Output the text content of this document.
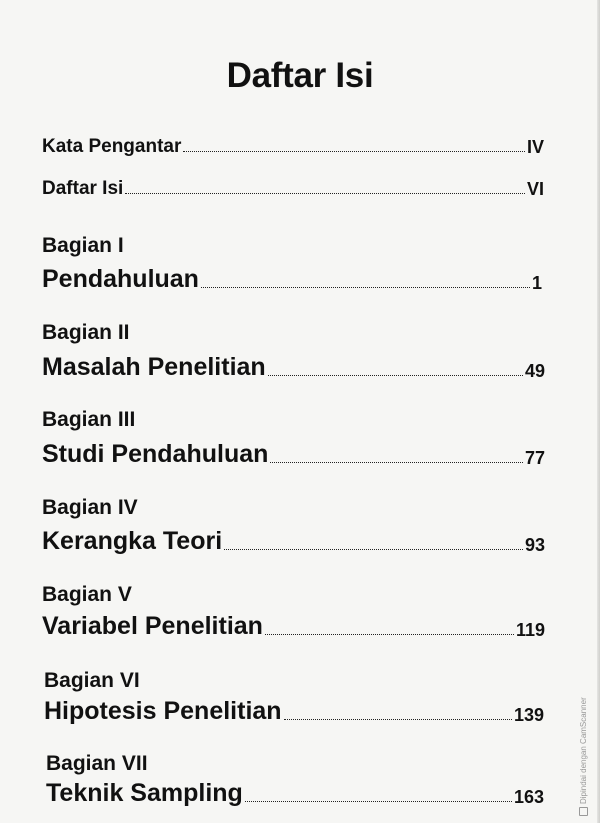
Daftar Isi
Kata Pengantar	IV
Daftar Isi	VI
Bagian I
Pendahuluan	1
Bagian II
Masalah Penelitian	49
Bagian III
Studi Pendahuluan	77
Bagian IV
Kerangka Teori	93
Bagian V
Variabel Penelitian	119
Bagian VI
Hipotesis Penelitian	139
Bagian VII
Teknik Sampling	163	Dipindai dengan CamScanner
